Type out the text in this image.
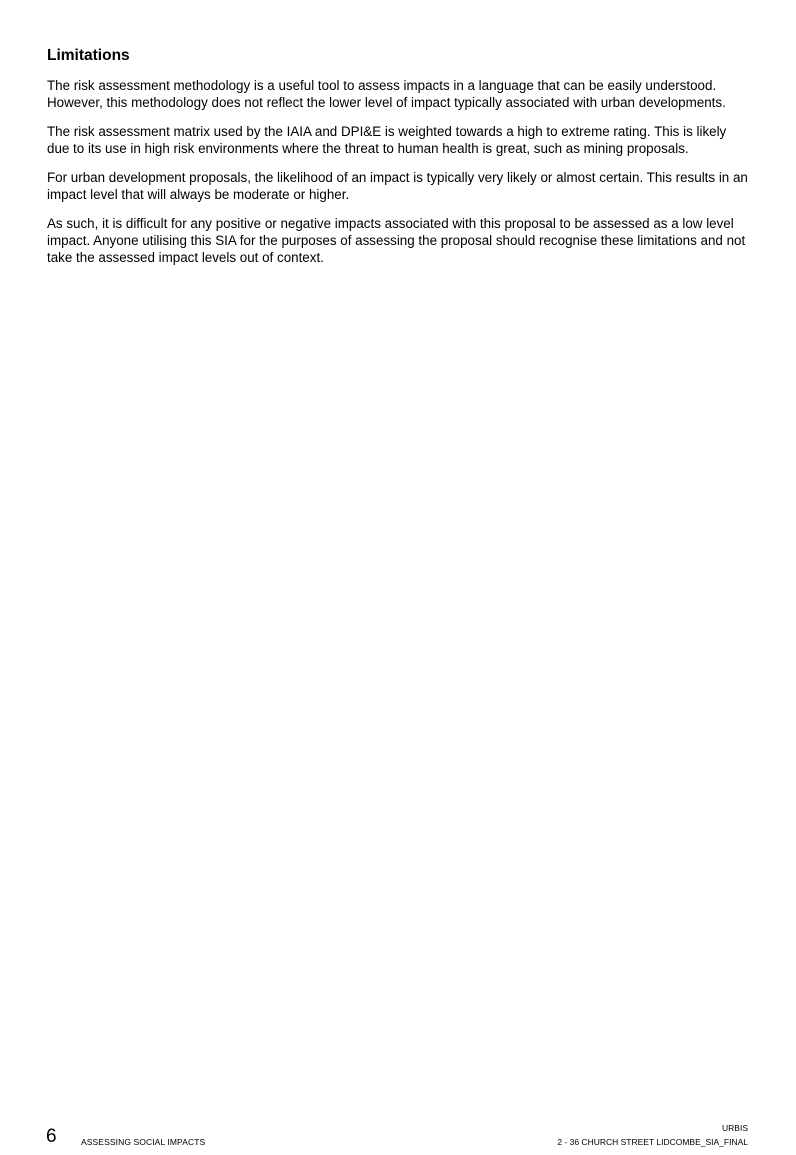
Limitations

The risk assessment methodology is a useful tool to assess impacts in a language that can be easily understood. However, this methodology does not reflect the lower level of impact typically associated with urban developments.

The risk assessment matrix used by the IAIA and DPI&E is weighted towards a high to extreme rating. This is likely due to its use in high risk environments where the threat to human health is great, such as mining proposals.

For urban development proposals, the likelihood of an impact is typically very likely or almost certain. This results in an impact level that will always be moderate or higher.

As such, it is difficult for any positive or negative impacts associated with this proposal to be assessed as a low level impact. Anyone utilising this SIA for the purposes of assessing the proposal should recognise these limitations and not take the assessed impact levels out of context.

6	ASSESSING SOCIAL IMPACTS
URBIS
2 - 36 CHURCH STREET LIDCOMBE_SIA_FINAL
